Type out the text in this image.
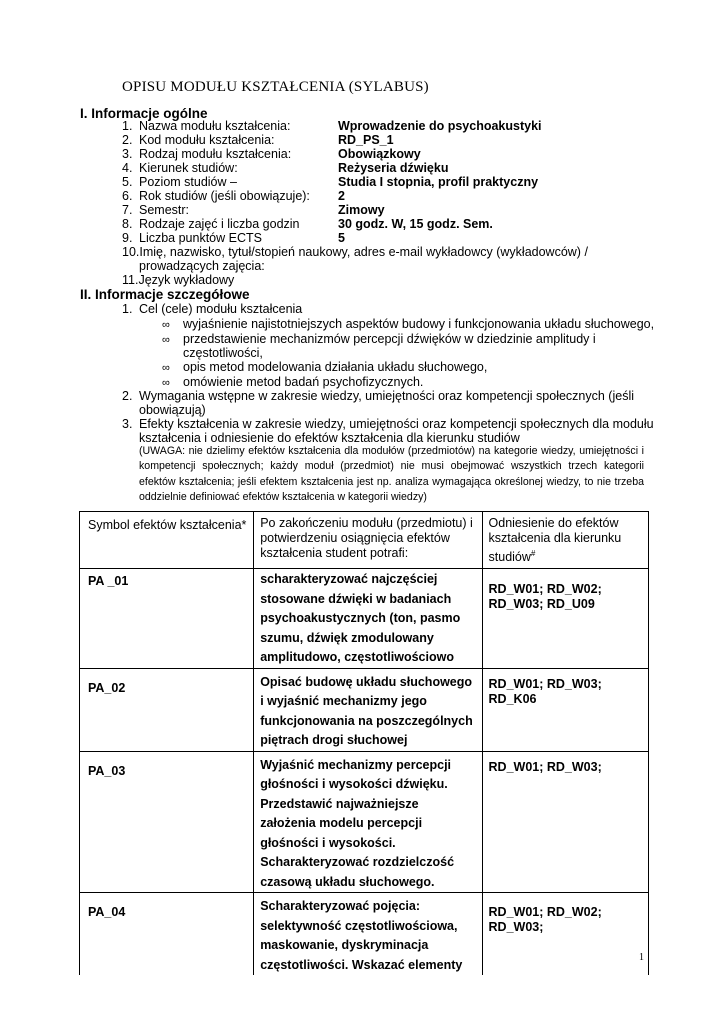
OPISU MODUŁU KSZTAŁCENIA (SYLABUS)
I. Informacje ogólne
1. Nazwa modułu kształcenia:	Wprowadzenie do psychoakustyki
2. Kod modułu kształcenia:	RD_PS_1
3. Rodzaj modułu kształcenia:	Obowiązkowy
4. Kierunek studiów:	Reżyseria dźwięku
5. Poziom studiów –	Studia I stopnia, profil praktyczny
6. Rok studiów (jeśli obowiązuje): 2
7. Semestr:	Zimowy
8. Rodzaje zajęć i liczba godzin	30 godz. W, 15 godz. Sem.
9. Liczba punktów ECTS	5
10.Imię, nazwisko, tytuł/stopień naukowy, adres e-mail wykładowcy (wykładowców) /
prowadzących zajęcia:
11.Język wykładowy
II. Informacje szczegółowe
1. Cel (cele) modułu kształcenia
∞ wyjaśnienie najistotniejszych aspektów budowy i funkcjonowania układu słuchowego,
∞ przedstawienie mechanizmów percepcji dźwięków w dziedzinie amplitudy i
częstotliwości,
∞ opis metod modelowania działania układu słuchowego,
∞ omówienie metod badań psychofizycznych.
2. Wymagania wstępne w zakresie wiedzy, umiejętności oraz kompetencji społecznych (jeśli
obowiązują)
3. Efekty kształcenia w zakresie wiedzy, umiejętności oraz kompetencji społecznych dla modułu
kształcenia i odniesienie do efektów kształcenia dla kierunku studiów
(UWAGA: nie dzielimy efektów kształcenia dla modułów (przedmiotów) na kategorie wiedzy, umiejętności i kompetencji społecznych; każdy moduł (przedmiot) nie musi obejmować wszystkich trzech kategorii efektów kształcenia; jeśli efektem kształcenia jest np. analiza wymagająca określonej wiedzy, to nie trzeba oddzielnie definiować efektów kształcenia w kategorii wiedzy)
Symbol efektów kształcenia*	Po zakończeniu modułu (przedmiotu) i potwierdzeniu osiągnięcia efektów kształcenia student potrafi:	Odniesienie do efektów kształcenia dla kierunku studiów#
PA _01	scharakteryzować najczęściej stosowane dźwięki w badaniach psychoakustycznych (ton, pasmo szumu, dźwięk zmodulowany amplitudowo, częstotliwościowo	RD_W01; RD_W02; RD_W03; RD_U09
PA_02	Opisać budowę układu słuchowego i wyjaśnić mechanizmy jego funkcjonowania na poszczególnych piętrach drogi słuchowej	RD_W01; RD_W03; RD_K06
PA_03	Wyjaśnić mechanizmy percepcji głośności i wysokości dźwięku. Przedstawić najważniejsze założenia modelu percepcji głośności i wysokości. Scharakteryzować rozdzielczość czasową układu słuchowego.	RD_W01; RD_W03;
PA_04	Scharakteryzować pojęcia: selektywność częstotliwościowa, maskowanie, dyskryminacja częstotliwości. Wskazać elementy	RD_W01; RD_W02; RD_W03;
1
